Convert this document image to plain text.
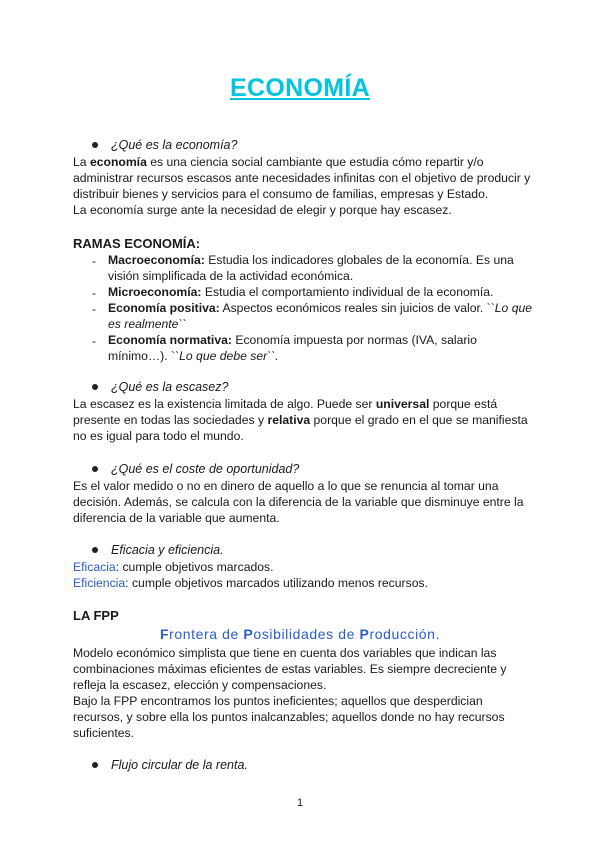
ECONOMÍA
¿Qué es la economía?
La economía es una ciencia social cambiante que estudia cómo repartir y/o administrar recursos escasos ante necesidades infinitas con el objetivo de producir y distribuir bienes y servicios para el consumo de familias, empresas y Estado.
La economía surge ante la necesidad de elegir y porque hay escasez.
RAMAS ECONOMÍA:
- Macroeconomía: Estudia los indicadores globales de la economía. Es una visión simplificada de la actividad económica.
- Microeconomía: Estudia el comportamiento individual de la economía.
- Economía positiva: Aspectos económicos reales sin juicios de valor. ``Lo que es realmente``
- Economía normativa: Economía impuesta por normas (IVA, salario mínimo…). ``Lo que debe ser``.
¿Qué es la escasez?
La escasez es la existencia limitada de algo. Puede ser universal porque está presente en todas las sociedades y relativa porque el grado en el que se manifiesta no es igual para todo el mundo.
¿Qué es el coste de oportunidad?
Es el valor medido o no en dinero de aquello a lo que se renuncia al tomar una decisión. Además, se calcula con la diferencia de la variable que disminuye entre la diferencia de la variable que aumenta.
Eficacia y eficiencia.
Eficacia: cumple objetivos marcados.
Eficiencia: cumple objetivos marcados utilizando menos recursos.
LA FPP
Frontera de Posibilidades de Producción.
Modelo económico simplista que tiene en cuenta dos variables que indican las combinaciones máximas eficientes de estas variables. Es siempre decreciente y refleja la escasez, elección y compensaciones.
Bajo la FPP encontramos los puntos ineficientes; aquellos que desperdician recursos, y sobre ella los puntos inalcanzables; aquellos donde no hay recursos suficientes.
Flujo circular de la renta.
1
